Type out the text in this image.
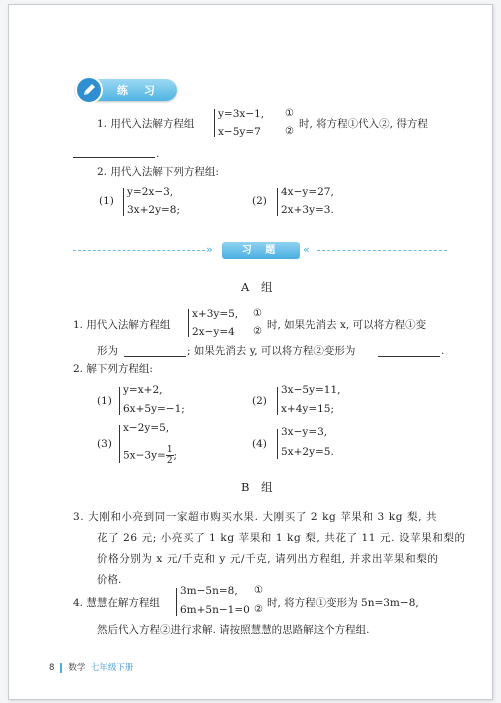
练 习
1. 用代入法解方程组
y=3x−1, ①
x−5y=7 ②
时, 将方程①代入②, 得方程
.
2. 用代入法解下列方程组:
(1)
y=2x−3,
3x+2y=8;
(2)
4x−y=27,
2x+3y=3.
»	习 题	«
A 组
1. 用代入法解方程组
x+3y=5, ①
2x−y=4 ②
时, 如果先消去 x, 可以将方程①变
形为	; 如果先消去 y, 可以将方程②变形为	.
2. 解下列方程组:
(1)
y=x+2,
6x+5y=−1;
(2)
3x−5y=11,
x+4y=15;
(3)
x−2y=5,
$5x-3y= \frac{1}{2}$ ;
(4)
3x−y=3,
5x+2y=5.
B 组
3. 大刚和小亮到同一家超市购买水果. 大刚买了 2 kg 苹果和 3 kg 梨, 共
花了 26 元; 小亮买了 1 kg 苹果和 1 kg 梨, 共花了 11 元. 设苹果和梨的
价格分别为 x 元/千克和 y 元/千克, 请列出方程组, 并求出苹果和梨的
价格.
4. 慧慧在解方程组
3m−5n=8, ①
6m+5n−1=0 ②
时, 将方程①变形为 5n=3m−8,
然后代入方程②进行求解. 请按照慧慧的思路解这个方程组.
8 数学 七年级下册
